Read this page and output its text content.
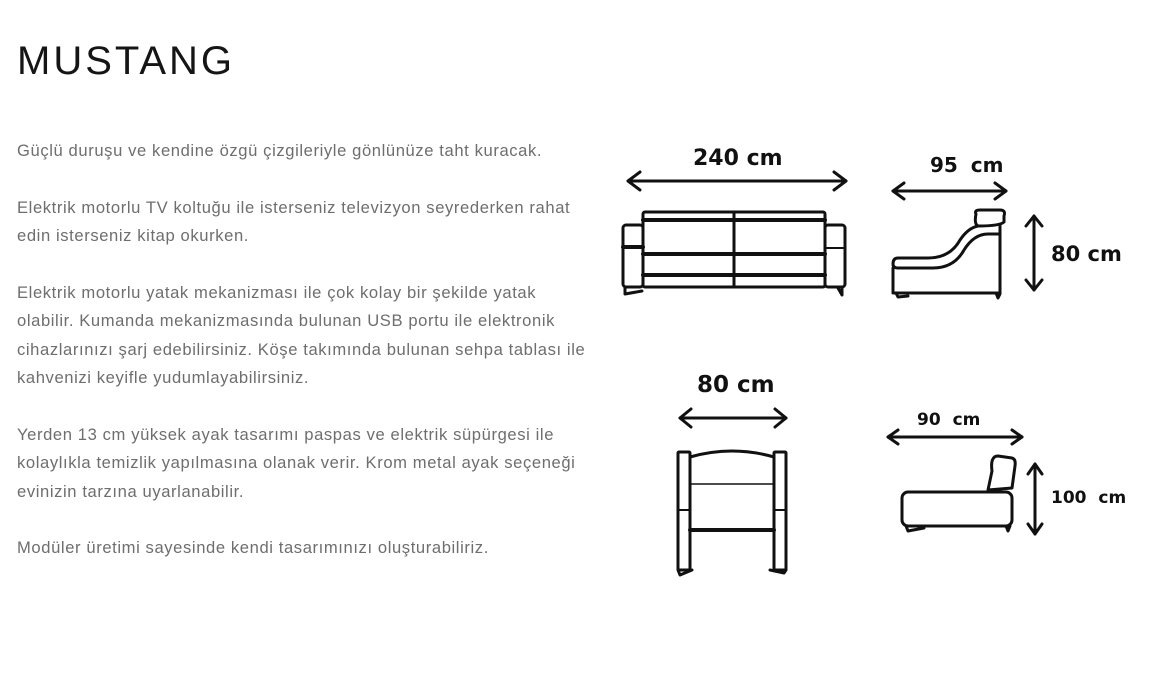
MUSTANG

Güçlü duruşu ve kendine özgü çizgileriyle gönlünüze taht kuracak.

Elektrik motorlu TV koltuğu ile isterseniz televizyon seyrederken rahat edin isterseniz kitap okurken.

Elektrik motorlu yatak mekanizması ile çok kolay bir şekilde yatak olabilir. Kumanda mekanizmasında bulunan USB portu ile elektronik cihazlarınızı şarj edebilirsiniz. Köşe takımında bulunan sehpa tablası ile kahvenizi keyifle yudumlayabilirsiniz.

Yerden 13 cm yüksek ayak tasarımı paspas ve elektrik süpürgesi ile kolaylıkla temizlik yapılmasına olanak verir. Krom metal ayak seçeneği evinizin tarzına uyarlanabilir.

Modüler üretimi sayesinde kendi tasarımınızı oluşturabiliriz.

240 cm	95 cm
80 cm
80 cm
90 cm
100 cm
